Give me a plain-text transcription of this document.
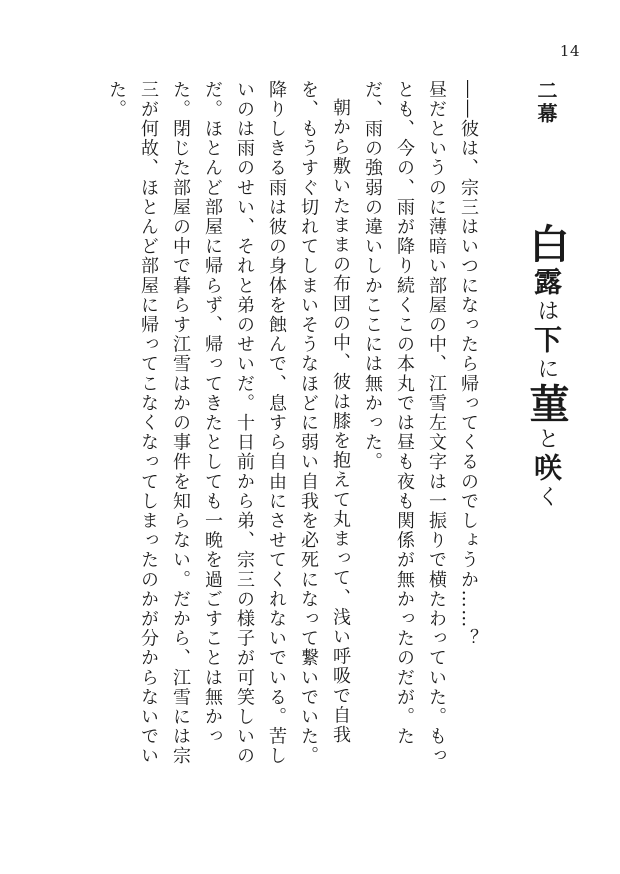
14
二幕 白露は下に菫と咲く

――彼は、宗三はいつになったら帰ってくるのでしょうか……？

昼だというのに薄暗い部屋の中、江雪左文字は一振りで横たわっていた。もっとも、今の、雨が降り続くこの本丸では昼も夜も関係が無かったのだが。ただ、雨の強弱の違いしかここには無かった。

朝から敷いたままの布団の中、彼は膝を抱えて丸まって、浅い呼吸で自我を、もうすぐ切れてしまいそうなほどに弱い自我を必死になって繋いでいた。降りしきる雨は彼の身体を蝕んで、息すら自由にさせてくれないでいる。苦しいのは雨のせい、それと弟のせいだ。十日前から弟、宗三の様子が可笑しいのだ。ほとんど部屋に帰らず、帰ってきたとしても一晩を過ごすことは無かった。閉じた部屋の中で暮らす江雪はかの事件を知らない。だから、江雪には宗三が何故、ほとんど部屋に帰ってこなくなってしまったのかが分からないでいた。
